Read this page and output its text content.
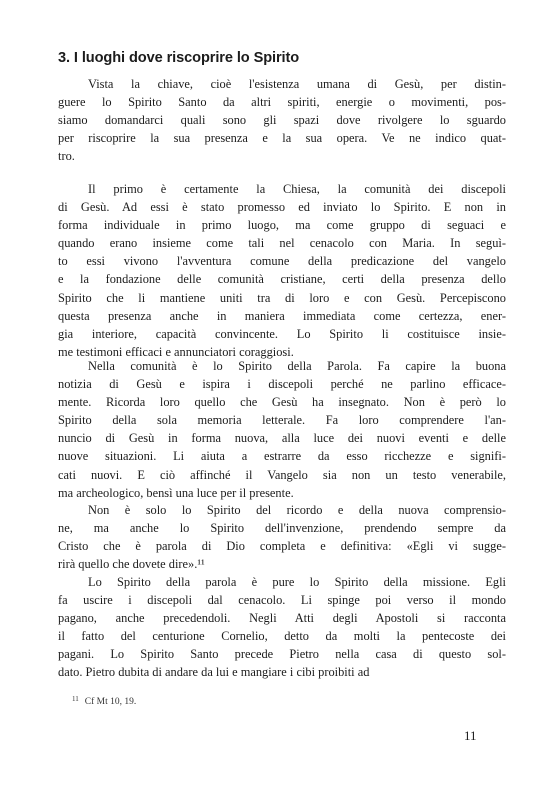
3. I luoghi dove riscoprire lo Spirito
Vista la chiave, cioè l'esistenza umana di Gesù, per distin-
guere lo Spirito Santo da altri spiriti, energie o movimenti, pos-
siamo domandarci quali sono gli spazi dove rivolgere lo sguardo
per riscoprire la sua presenza e la sua opera. Ve ne indico quat-
tro.
Il primo è certamente la Chiesa, la comunità dei discepoli
di Gesù. Ad essi è stato promesso ed inviato lo Spirito. E non in
forma individuale in primo luogo, ma come gruppo di seguaci e
quando erano insieme come tali nel cenacolo con Maria. In seguì-
to essi vivono l'avventura comune della predicazione del vangelo
e la fondazione delle comunità cristiane, certi della presenza dello
Spirito che li mantiene uniti tra di loro e con Gesù. Percepiscono
questa presenza anche in maniera immediata come certezza, ener-
gia interiore, capacità convincente. Lo Spirito li costituisce insie-
me testimoni efficaci e annunciatori coraggiosi.
Nella comunità è lo Spirito della Parola. Fa capire la buona
notizia di Gesù e ispira i discepoli perché ne parlino efficace-
mente. Ricorda loro quello che Gesù ha insegnato. Non è però lo
Spirito della sola memoria letterale. Fa loro comprendere l'an-
nuncio di Gesù in forma nuova, alla luce dei nuovi eventi e delle
nuove situazioni. Li aiuta a estrarre da esso ricchezze e signifi-
cati nuovi. E ciò affinché il Vangelo sia non un testo venerabile,
ma archeologico, bensì una luce per il presente.
Non è solo lo Spirito del ricordo e della nuova comprensio-
ne, ma anche lo Spirito dell'invenzione, prendendo sempre da
Cristo che è parola di Dio completa e definitiva: «Egli vi sugge-
rirà quello che dovete dire».¹¹
Lo Spirito della parola è pure lo Spirito della missione. Egli
fa uscire i discepoli dal cenacolo. Li spinge poi verso il mondo
pagano, anche precedendoli. Negli Atti degli Apostoli si racconta
il fatto del centurione Cornelio, detto da molti la pentecoste dei
pagani. Lo Spirito Santo precede Pietro nella casa di questo sol-
dato. Pietro dubita di andare da lui e mangiare i cibi proibiti ad
$^{11}$ Cf Mt 10, 19.
11
